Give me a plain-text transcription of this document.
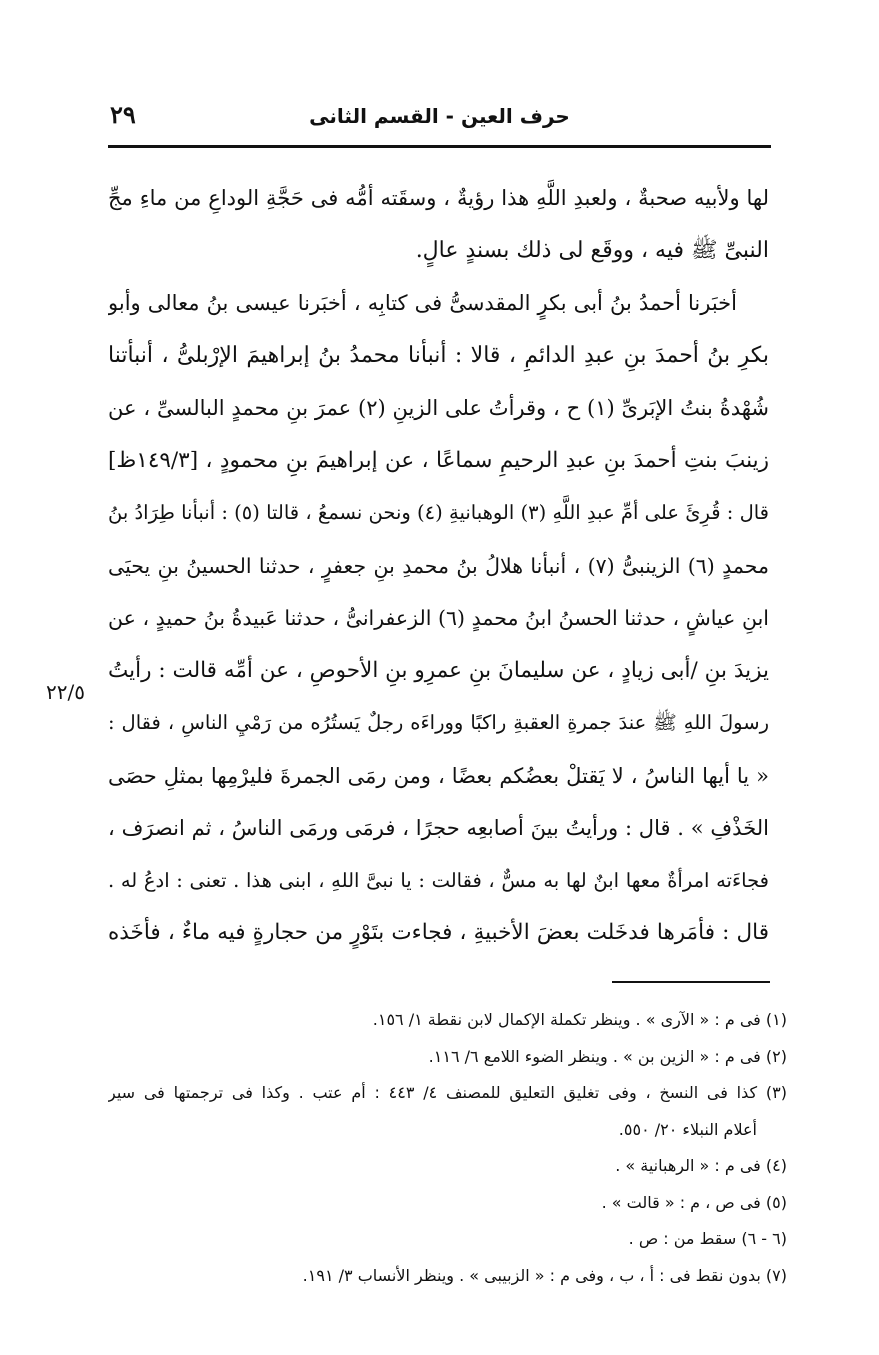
٢٩	حرف العين - القسم الثانى
لها ولأبيه صحبةٌ ، ولعبدِ اللَّهِ هذا رؤيةٌ ، وسقَته أمُّه فى حَجَّةِ الوداعِ من ماءِ مجِّ
النبىِّ ﷺ فيه ، ووقَع لى ذلك بسندٍ عالٍ.
أخبَرنا أحمدُ بنُ أبى بكرٍ المقدسىُّ فى كتابِه ، أخبَرنا عيسى بنُ معالى وأبو
بكرِ بنُ أحمدَ بنِ عبدِ الدائمِ ، قالا : أنبأنا محمدُ بنُ إبراهيمَ الإرْبلىُّ ، أنبأتنا
شُهْدةُ بنتُ الإبَرىِّ (١) ح ، وقرأتُ على الزينِ (٢) عمرَ بنِ محمدٍ البالسىِّ ، عن
زينبَ بنتِ أحمدَ بنِ عبدِ الرحيمِ سماعًا ، عن إبراهيمَ بنِ محمودٍ ، [١٤٩/٣ظ]
قال : قُرِئَ على أمِّ عبدِ اللَّهِ (٣) الوهبانيةِ (٤) ونحن نسمعُ ، قالتا (٥) : أنبأنا طِرَادُ بنُ
محمدٍ (٦) الزينبىُّ (٧) ، أنبأنا هلالُ بنُ محمدِ بنِ جعفرٍ ، حدثنا الحسينُ بنِ يحيَى
ابنِ عياشٍ ، حدثنا الحسنُ ابنُ محمدٍ (٦) الزعفرانىُّ ، حدثنا عَبيدةُ بنُ حميدٍ ، عن
يزيدَ بنِ /أبى زيادٍ ، عن سليمانَ بنِ عمرِو بنِ الأحوصِ ، عن أمِّه قالت : رأيتُ
رسولَ اللهِ ﷺ عندَ جمرةِ العقبةِ راكبًا ووراءَه رجلٌ يَستُرُه من رَمْيِ الناسِ ، فقال :
« يا أيها الناسُ ، لا يَقتلْ بعضُكم بعضًا ، ومن رمَى الجمرةَ فليرْمِها بمثلِ حصَى
الخَذْفِ » . قال : ورأيتُ بينَ أصابعِه حجرًا ، فرمَى ورمَى الناسُ ، ثم انصرَف ،
فجاءَته امرأةٌ معها ابنٌ لها به مسٌّ ، فقالت : يا نبىَّ اللهِ ، ابنى هذا . تعنى : ادعُ له .
قال : فأمَرها فدخَلت بعضَ الأخبيةِ ، فجاءت بتَوْرٍ من حجارةٍ فيه ماءٌ ، فأخَذه
٢٢/٥
(١) فى م : « الآرى » . وينظر تكملة الإكمال لابن نقطة ١/ ١٥٦.
(٢) فى م : « الزين بن » . وينظر الضوء اللامع ٦/ ١١٦.
(٣) كذا فى النسخ ، وفى تغليق التعليق للمصنف ٤/ ٤٤٣ : أم عتب . وكذا فى ترجمتها فى سير
أعلام النبلاء ٢٠/ ٥٥٠.
(٤) فى م : « الرهبانية » .
(٥) فى ص ، م : « قالت » .
(٦ - ٦) سقط من : ص .
(٧) بدون نقط فى : أ ، ب ، وفى م : « الزبيبى » . وينظر الأنساب ٣/ ١٩١.
